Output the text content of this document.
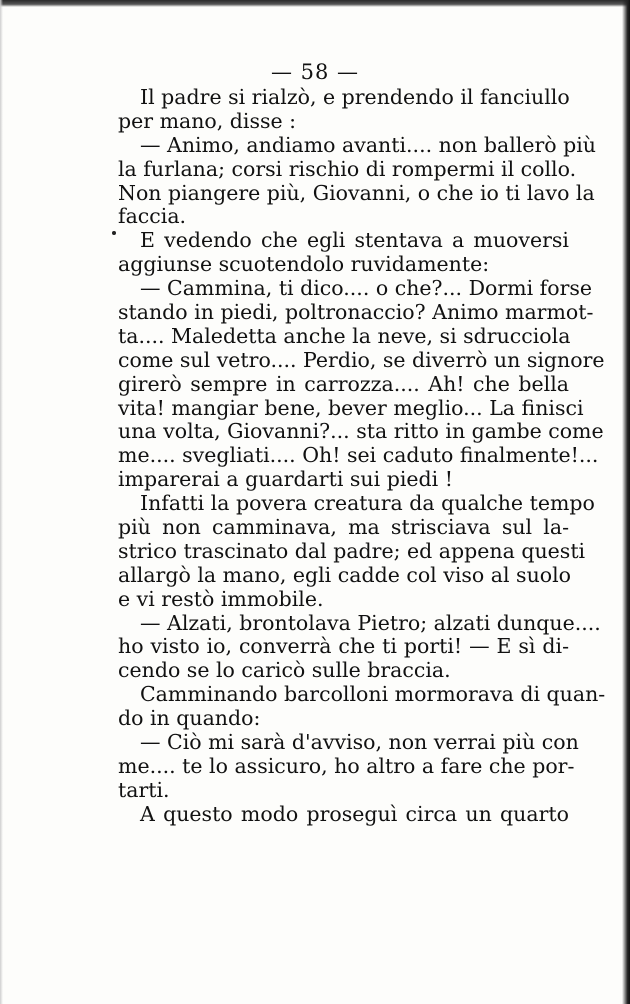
— 58 —
Il padre si rialzò, e prendendo il fanciullo
per mano, disse :
— Animo, andiamo avanti.... non ballerò più
la furlana; corsi rischio di rompermi il collo.
Non piangere più, Giovanni, o che io ti lavo la
faccia.
E vedendo che egli stentava a muoversi
aggiunse scuotendolo ruvidamente:
— Cammina, ti dico.... o che?... Dormi forse
stando in piedi, poltronaccio? Animo marmot-
ta.... Maledetta anche la neve, si sdrucciola
come sul vetro.... Perdio, se diverrò un signore
girerò sempre in carrozza.... Ah! che bella
vita! mangiar bene, bever meglio... La finisci
una volta, Giovanni?... sta ritto in gambe come
me.... svegliati.... Oh! sei caduto finalmente!...
imparerai a guardarti sui piedi !
Infatti la povera creatura da qualche tempo
più non camminava, ma strisciava sul la-
strico trascinato dal padre; ed appena questi
allargò la mano, egli cadde col viso al suolo
e vi restò immobile.
— Alzati, brontolava Pietro; alzati dunque....
ho visto io, converrà che ti porti! — E sì di-
cendo se lo caricò sulle braccia.
Camminando barcolloni mormorava di quan-
do in quando:
— Ciò mi sarà d'avviso, non verrai più con
me.... te lo assicuro, ho altro a fare che por-
tarti.
A questo modo proseguì circa un quarto
